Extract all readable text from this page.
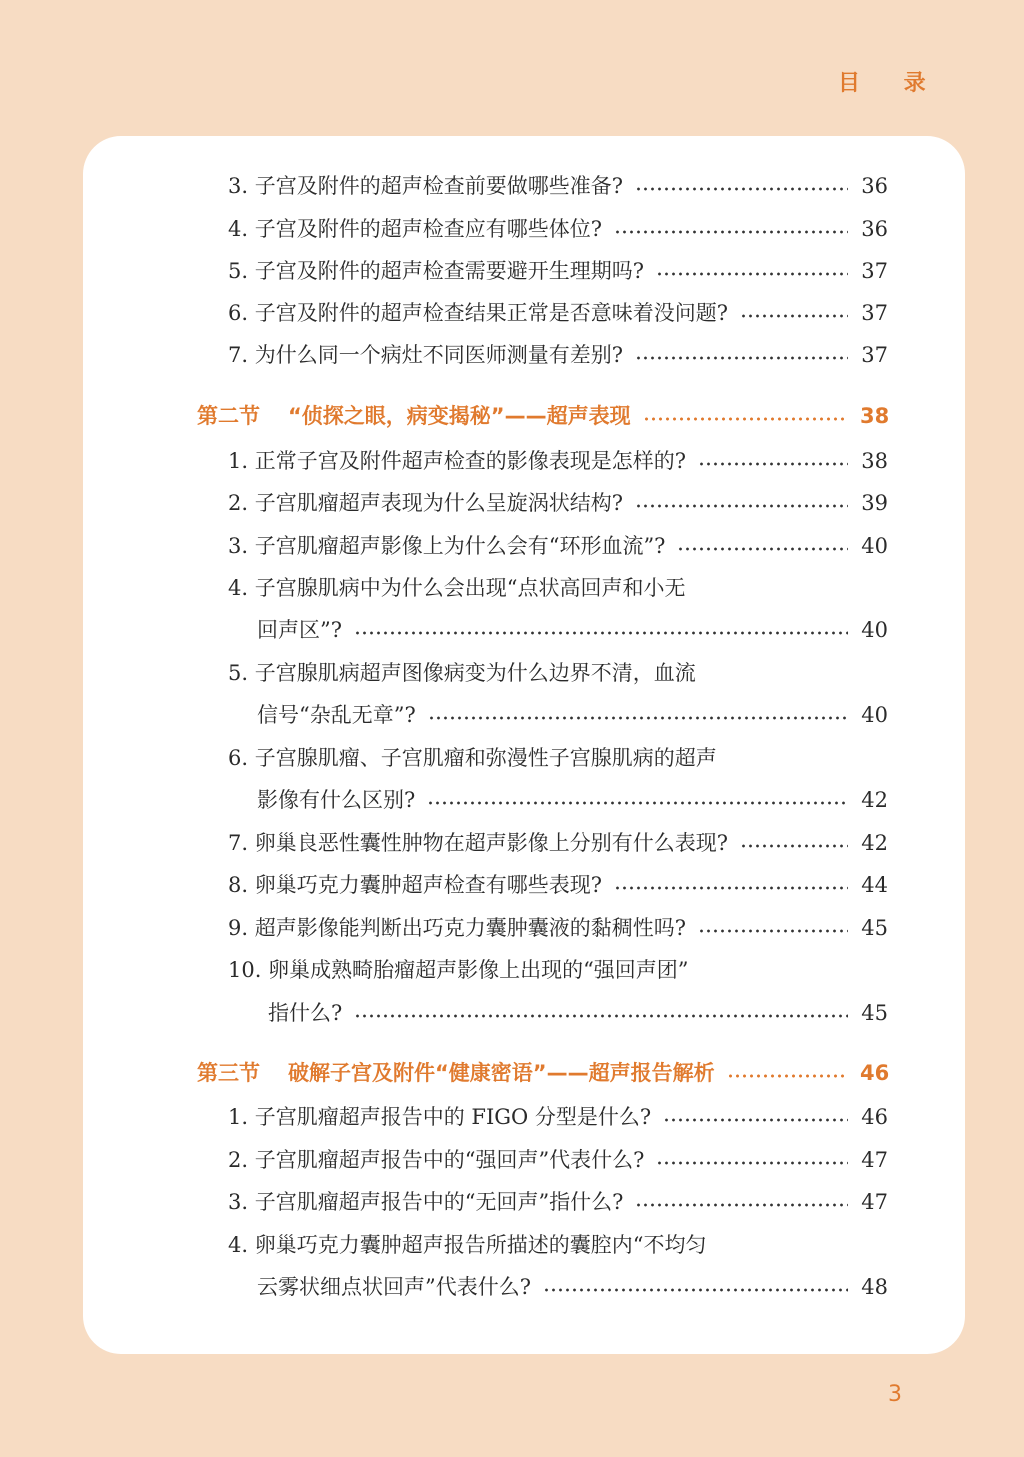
目 录
3. 子宫及附件的超声检查前要做哪些准备?	36
4. 子宫及附件的超声检查应有哪些体位?	36
5. 子宫及附件的超声检查需要避开生理期吗?	37
6. 子宫及附件的超声检查结果正常是否意味着没问题?	37
7. 为什么同一个病灶不同医师测量有差别?	37
第二节 “侦探之眼，病变揭秘”——超声表现	38
1. 正常子宫及附件超声检查的影像表现是怎样的?	38
2. 子宫肌瘤超声表现为什么呈旋涡状结构?	39
3. 子宫肌瘤超声影像上为什么会有“环形血流”?	40
4. 子宫腺肌病中为什么会出现“点状高回声和小无
回声区”?	40
5. 子宫腺肌病超声图像病变为什么边界不清，血流
信号“杂乱无章”?	40
6. 子宫腺肌瘤、子宫肌瘤和弥漫性子宫腺肌病的超声
影像有什么区别?	42
7. 卵巢良恶性囊性肿物在超声影像上分别有什么表现?	42
8. 卵巢巧克力囊肿超声检查有哪些表现?	44
9. 超声影像能判断出巧克力囊肿囊液的黏稠性吗?	45
10. 卵巢成熟畸胎瘤超声影像上出现的“强回声团”
指什么?	45
第三节 破解子宫及附件“健康密语”——超声报告解析	46
1. 子宫肌瘤超声报告中的 FIGO 分型是什么?	46
2. 子宫肌瘤超声报告中的“强回声”代表什么?	47
3. 子宫肌瘤超声报告中的“无回声”指什么?	47
4. 卵巢巧克力囊肿超声报告所描述的囊腔内“不均匀
云雾状细点状回声”代表什么?	48
3
